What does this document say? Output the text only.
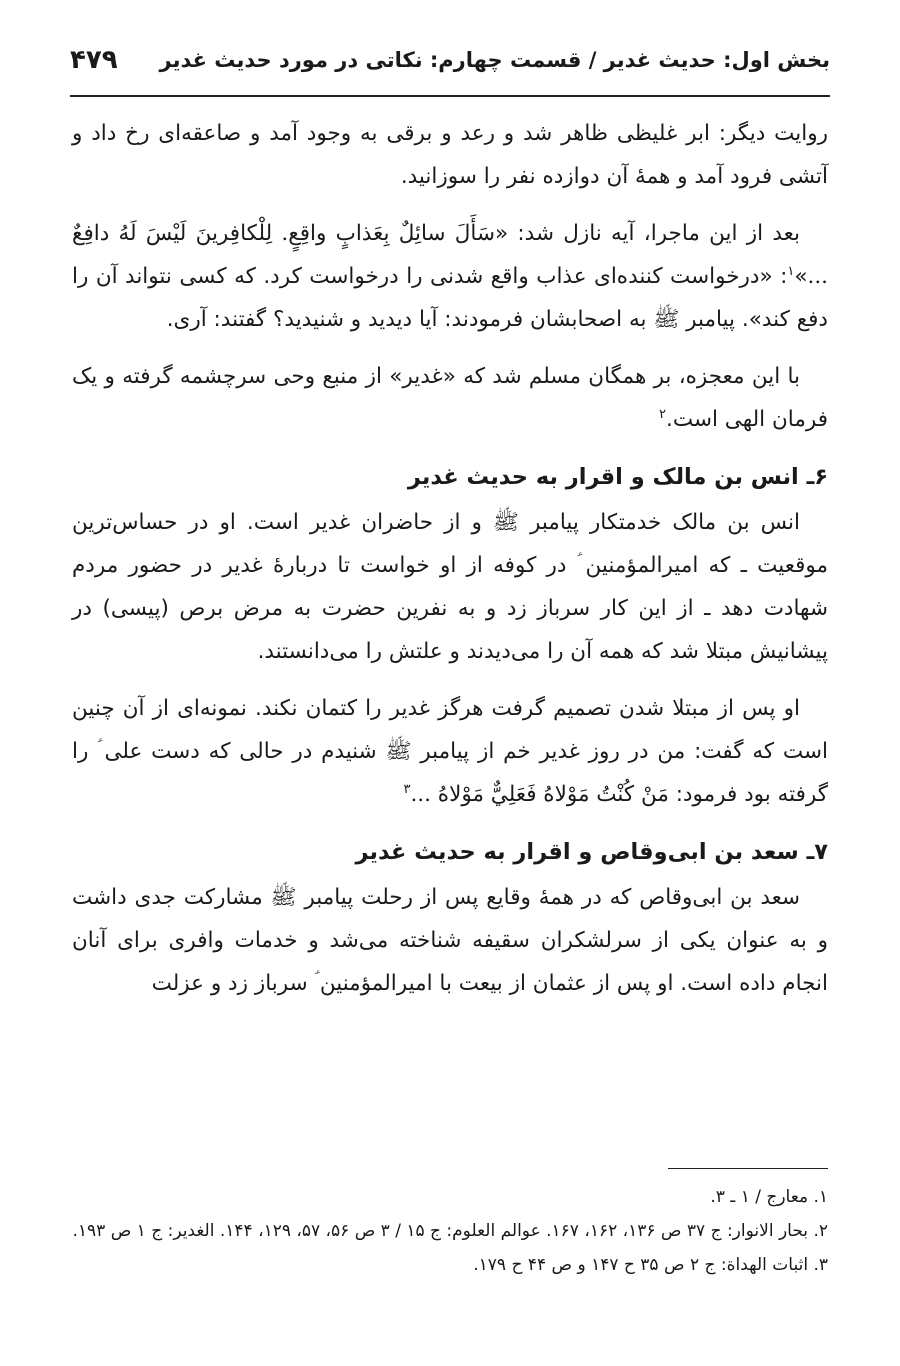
بخش اول: حدیث غدیر / قسمت چهارم: نکاتی در مورد حدیث غدیر
۴۷۹

روایت دیگر: ابر غلیظی ظاهر شد و رعد و برقی به وجود آمد و صاعقه‌ای رخ داد و آتشی فرود آمد و همهٔ آن دوازده نفر را سوزانید.

بعد از این ماجرا، آیه نازل شد: «سَأَلَ سائِلٌ بِعَذابٍ واقِعٍ. لِلْكافِرينَ لَيْسَ لَهُ دافِعٌ ...»$^۱$: «درخواست کننده‌ای عذاب واقع شدنی را درخواست کرد. که کسی نتواند آن را دفع کند». پیامبر ﷺ به اصحابشان فرمودند: آیا دیدید و شنیدید؟ گفتند: آری.

با این معجزه، بر همگان مسلم شد که «غدیر» از منبع وحی سرچشمه گرفته و یک فرمان الهی است.$^۲$

۶ـ انس بن مالک و اقرار به حدیث غدیر

انس بن مالک خدمتکار پیامبر ﷺ و از حاضران غدیر است. او در حساس‌ترین موقعیت ـ که امیرالمؤمنین ؑ در کوفه از او خواست تا دربارهٔ غدیر در حضور مردم شهادت دهد ـ از این کار سرباز زد و به نفرین حضرت به مرض برص (پیسی) در پیشانیش مبتلا شد که همه آن را می‌دیدند و علتش را می‌دانستند.

او پس از مبتلا شدن تصمیم گرفت هرگز غدیر را کتمان نکند. نمونه‌ای از آن چنین است که گفت: من در روز غدیر خم از پیامبر ﷺ شنیدم در حالی که دست علی ؑ را گرفته بود فرمود: مَنْ كُنْتُ مَوْلاهُ فَعَلِيٌّ مَوْلاهُ ...$^۳$

۷ـ سعد بن ابی‌وقاص و اقرار به حدیث غدیر

سعد بن ابی‌وقاص که در همهٔ وقایع پس از رحلت پیامبر ﷺ مشارکت جدی داشت و به عنوان یکی از سرلشکران سقیفه شناخته می‌شد و خدمات وافری برای آنان انجام داده است. او پس از عثمان از بیعت با امیرالمؤمنین ؑ سرباز زد و عزلت

۱. معارج / ۱ ـ ۳.

۲. بحار الانوار: ج ۳۷ ص ۱۳۶، ۱۶۲، ۱۶۷. عوالم العلوم: ج ۱۵ / ۳ ص ۵۶، ۵۷، ۱۲۹، ۱۴۴. الغدیر: ج ۱ ص ۱۹۳.

۳. اثبات الهداة: ج ۲ ص ۳۵ ح ۱۴۷ و ص ۴۴ ح ۱۷۹.
